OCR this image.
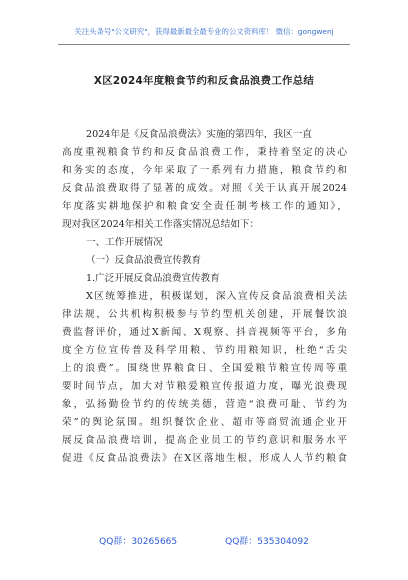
关注头条号"公文研究"，获得最新最全最专业的公文资料库！ 微信：gongwenj
X区2024年度粮食节约和反食品浪费工作总结
2024年是《反食品浪费法》实施的第四年，我区一直
高度重视粮食节约和反食品浪费工作，秉持着坚定的决心
和务实的态度，今年采取了一系列有力措施，粮食节约和
反食品浪费取得了显著的成效。对照《关于认真开展2024
年度落实耕地保护和粮食安全责任制考核工作的通知》，
现对我区2024年相关工作落实情况总结如下：
一、工作开展情况
（一）反食品浪费宣传教育
1.广泛开展反食品浪费宣传教育
X区统筹推进，积极谋划，深入宣传反食品浪费相关法
律法规，公共机构积极参与节约型机关创建，开展餐饮浪
费监督评价，通过X新闻、X观察、抖音视频等平台，多角
度全方位宣传普及科学用粮、节约用粮知识，杜绝“舌尖
上的浪费”。围绕世界粮食日、全国爱粮节粮宣传周等重
要时间节点，加大对节粮爱粮宣传报道力度，曝光浪费现
象，弘扬勤俭节约的传统美德，营造“浪费可耻、节约为
荣”的舆论氛围。组织餐饮企业、超市等商贸流通企业开
展反食品浪费培训，提高企业员工的节约意识和服务水平
促进《反食品浪费法》在X区落地生根，形成人人节约粮食
QQ群：30265665	QQ群：535304092
